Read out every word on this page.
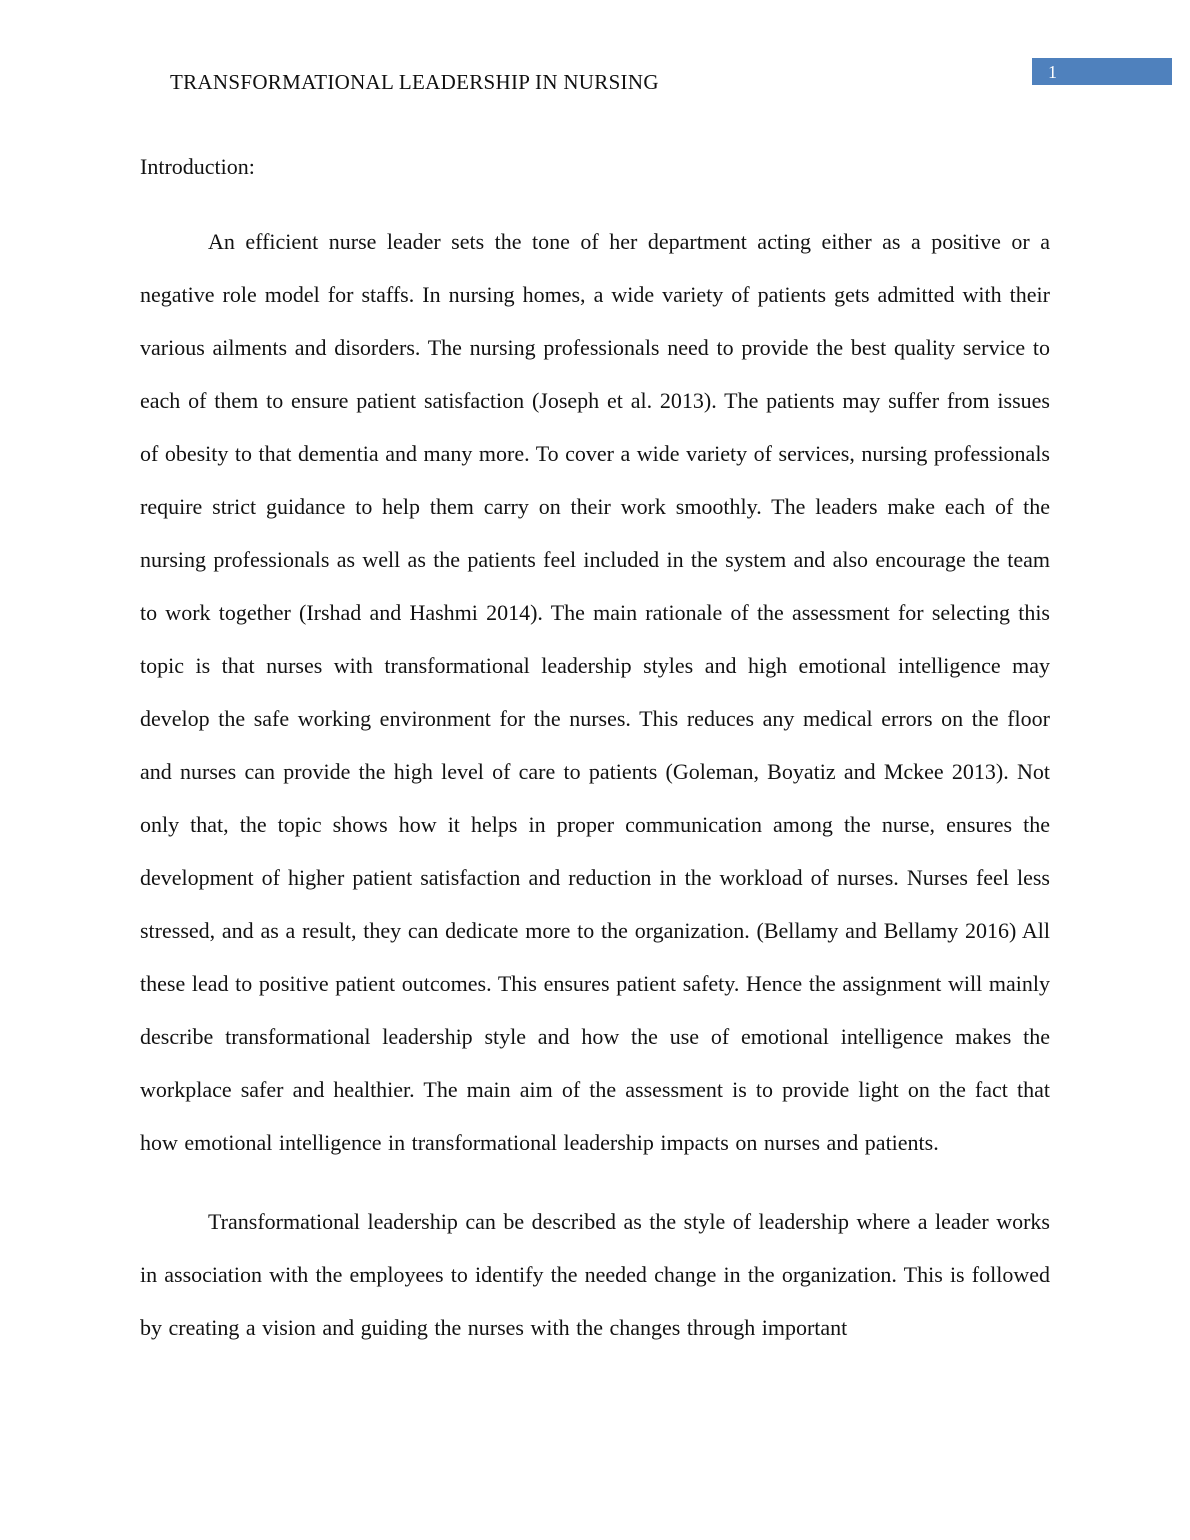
TRANSFORMATIONAL LEADERSHIP IN NURSING	1

Introduction:

An efficient nurse leader sets the tone of her department acting either as a positive or a negative role model for staffs. In nursing homes, a wide variety of patients gets admitted with their various ailments and disorders. The nursing professionals need to provide the best quality service to each of them to ensure patient satisfaction (Joseph et al. 2013). The patients may suffer from issues of obesity to that dementia and many more. To cover a wide variety of services, nursing professionals require strict guidance to help them carry on their work smoothly. The leaders make each of the nursing professionals as well as the patients feel included in the system and also encourage the team to work together (Irshad and Hashmi 2014). The main rationale of the assessment for selecting this topic is that nurses with transformational leadership styles and high emotional intelligence may develop the safe working environment for the nurses. This reduces any medical errors on the floor and nurses can provide the high level of care to patients (Goleman, Boyatiz and Mckee 2013). Not only that, the topic shows how it helps in proper communication among the nurse, ensures the development of higher patient satisfaction and reduction in the workload of nurses. Nurses feel less stressed, and as a result, they can dedicate more to the organization. (Bellamy and Bellamy 2016) All these lead to positive patient outcomes. This ensures patient safety. Hence the assignment will mainly describe transformational leadership style and how the use of emotional intelligence makes the workplace safer and healthier. The main aim of the assessment is to provide light on the fact that how emotional intelligence in transformational leadership impacts on nurses and patients.

Transformational leadership can be described as the style of leadership where a leader works in association with the employees to identify the needed change in the organization. This is followed by creating a vision and guiding the nurses with the changes through important
